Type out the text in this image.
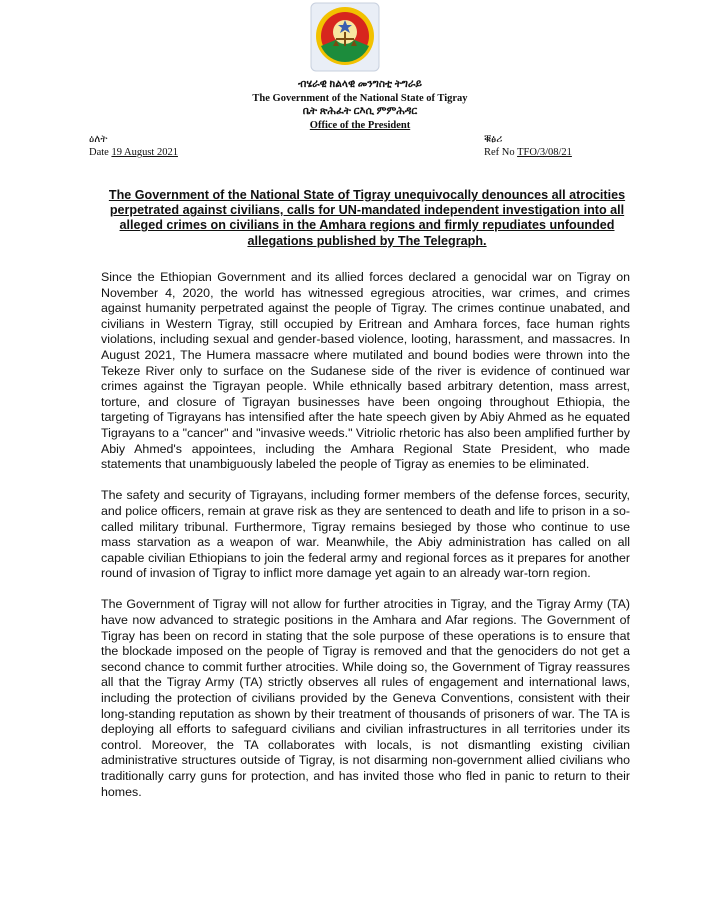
ብሄራዊ ክልላዊ መንግስቲ ትግራይ
The Government of the National State of Tigray
ቤት ጽሕፈት ርእሲ ምምሕዳር
Office of the President
ዕለት
Date 19 August 2021
ቑፅሪ
Ref No TFO/3/08/21
The Government of the National State of Tigray unequivocally denounces all atrocities perpetrated against civilians, calls for UN-mandated independent investigation into all alleged crimes on civilians in the Amhara regions and firmly repudiates unfounded allegations published by The Telegraph.

Since the Ethiopian Government and its allied forces declared a genocidal war on Tigray on November 4, 2020, the world has witnessed egregious atrocities, war crimes, and crimes against humanity perpetrated against the people of Tigray. The crimes continue unabated, and civilians in Western Tigray, still occupied by Eritrean and Amhara forces, face human rights violations, including sexual and gender-based violence, looting, harassment, and massacres. In August 2021, The Humera massacre where mutilated and bound bodies were thrown into the Tekeze River only to surface on the Sudanese side of the river is evidence of continued war crimes against the Tigrayan people. While ethnically based arbitrary detention, mass arrest, torture, and closure of Tigrayan businesses have been ongoing throughout Ethiopia, the targeting of Tigrayans has intensified after the hate speech given by Abiy Ahmed as he equated Tigrayans to a "cancer" and "invasive weeds." Vitriolic rhetoric has also been amplified further by Abiy Ahmed's appointees, including the Amhara Regional State President, who made statements that unambiguously labeled the people of Tigray as enemies to be eliminated.

The safety and security of Tigrayans, including former members of the defense forces, security, and police officers, remain at grave risk as they are sentenced to death and life to prison in a so-called military tribunal. Furthermore, Tigray remains besieged by those who continue to use mass starvation as a weapon of war. Meanwhile, the Abiy administration has called on all capable civilian Ethiopians to join the federal army and regional forces as it prepares for another round of invasion of Tigray to inflict more damage yet again to an already war-torn region.

The Government of Tigray will not allow for further atrocities in Tigray, and the Tigray Army (TA) have now advanced to strategic positions in the Amhara and Afar regions. The Government of Tigray has been on record in stating that the sole purpose of these operations is to ensure that the blockade imposed on the people of Tigray is removed and that the genociders do not get a second chance to commit further atrocities. While doing so, the Government of Tigray reassures all that the Tigray Army (TA) strictly observes all rules of engagement and international laws, including the protection of civilians provided by the Geneva Conventions, consistent with their long-standing reputation as shown by their treatment of thousands of prisoners of war. The TA is deploying all efforts to safeguard civilians and civilian infrastructures in all territories under its control. Moreover, the TA collaborates with locals, is not dismantling existing civilian administrative structures outside of Tigray, is not disarming non-government allied civilians who traditionally carry guns for protection, and has invited those who fled in panic to return to their homes.
